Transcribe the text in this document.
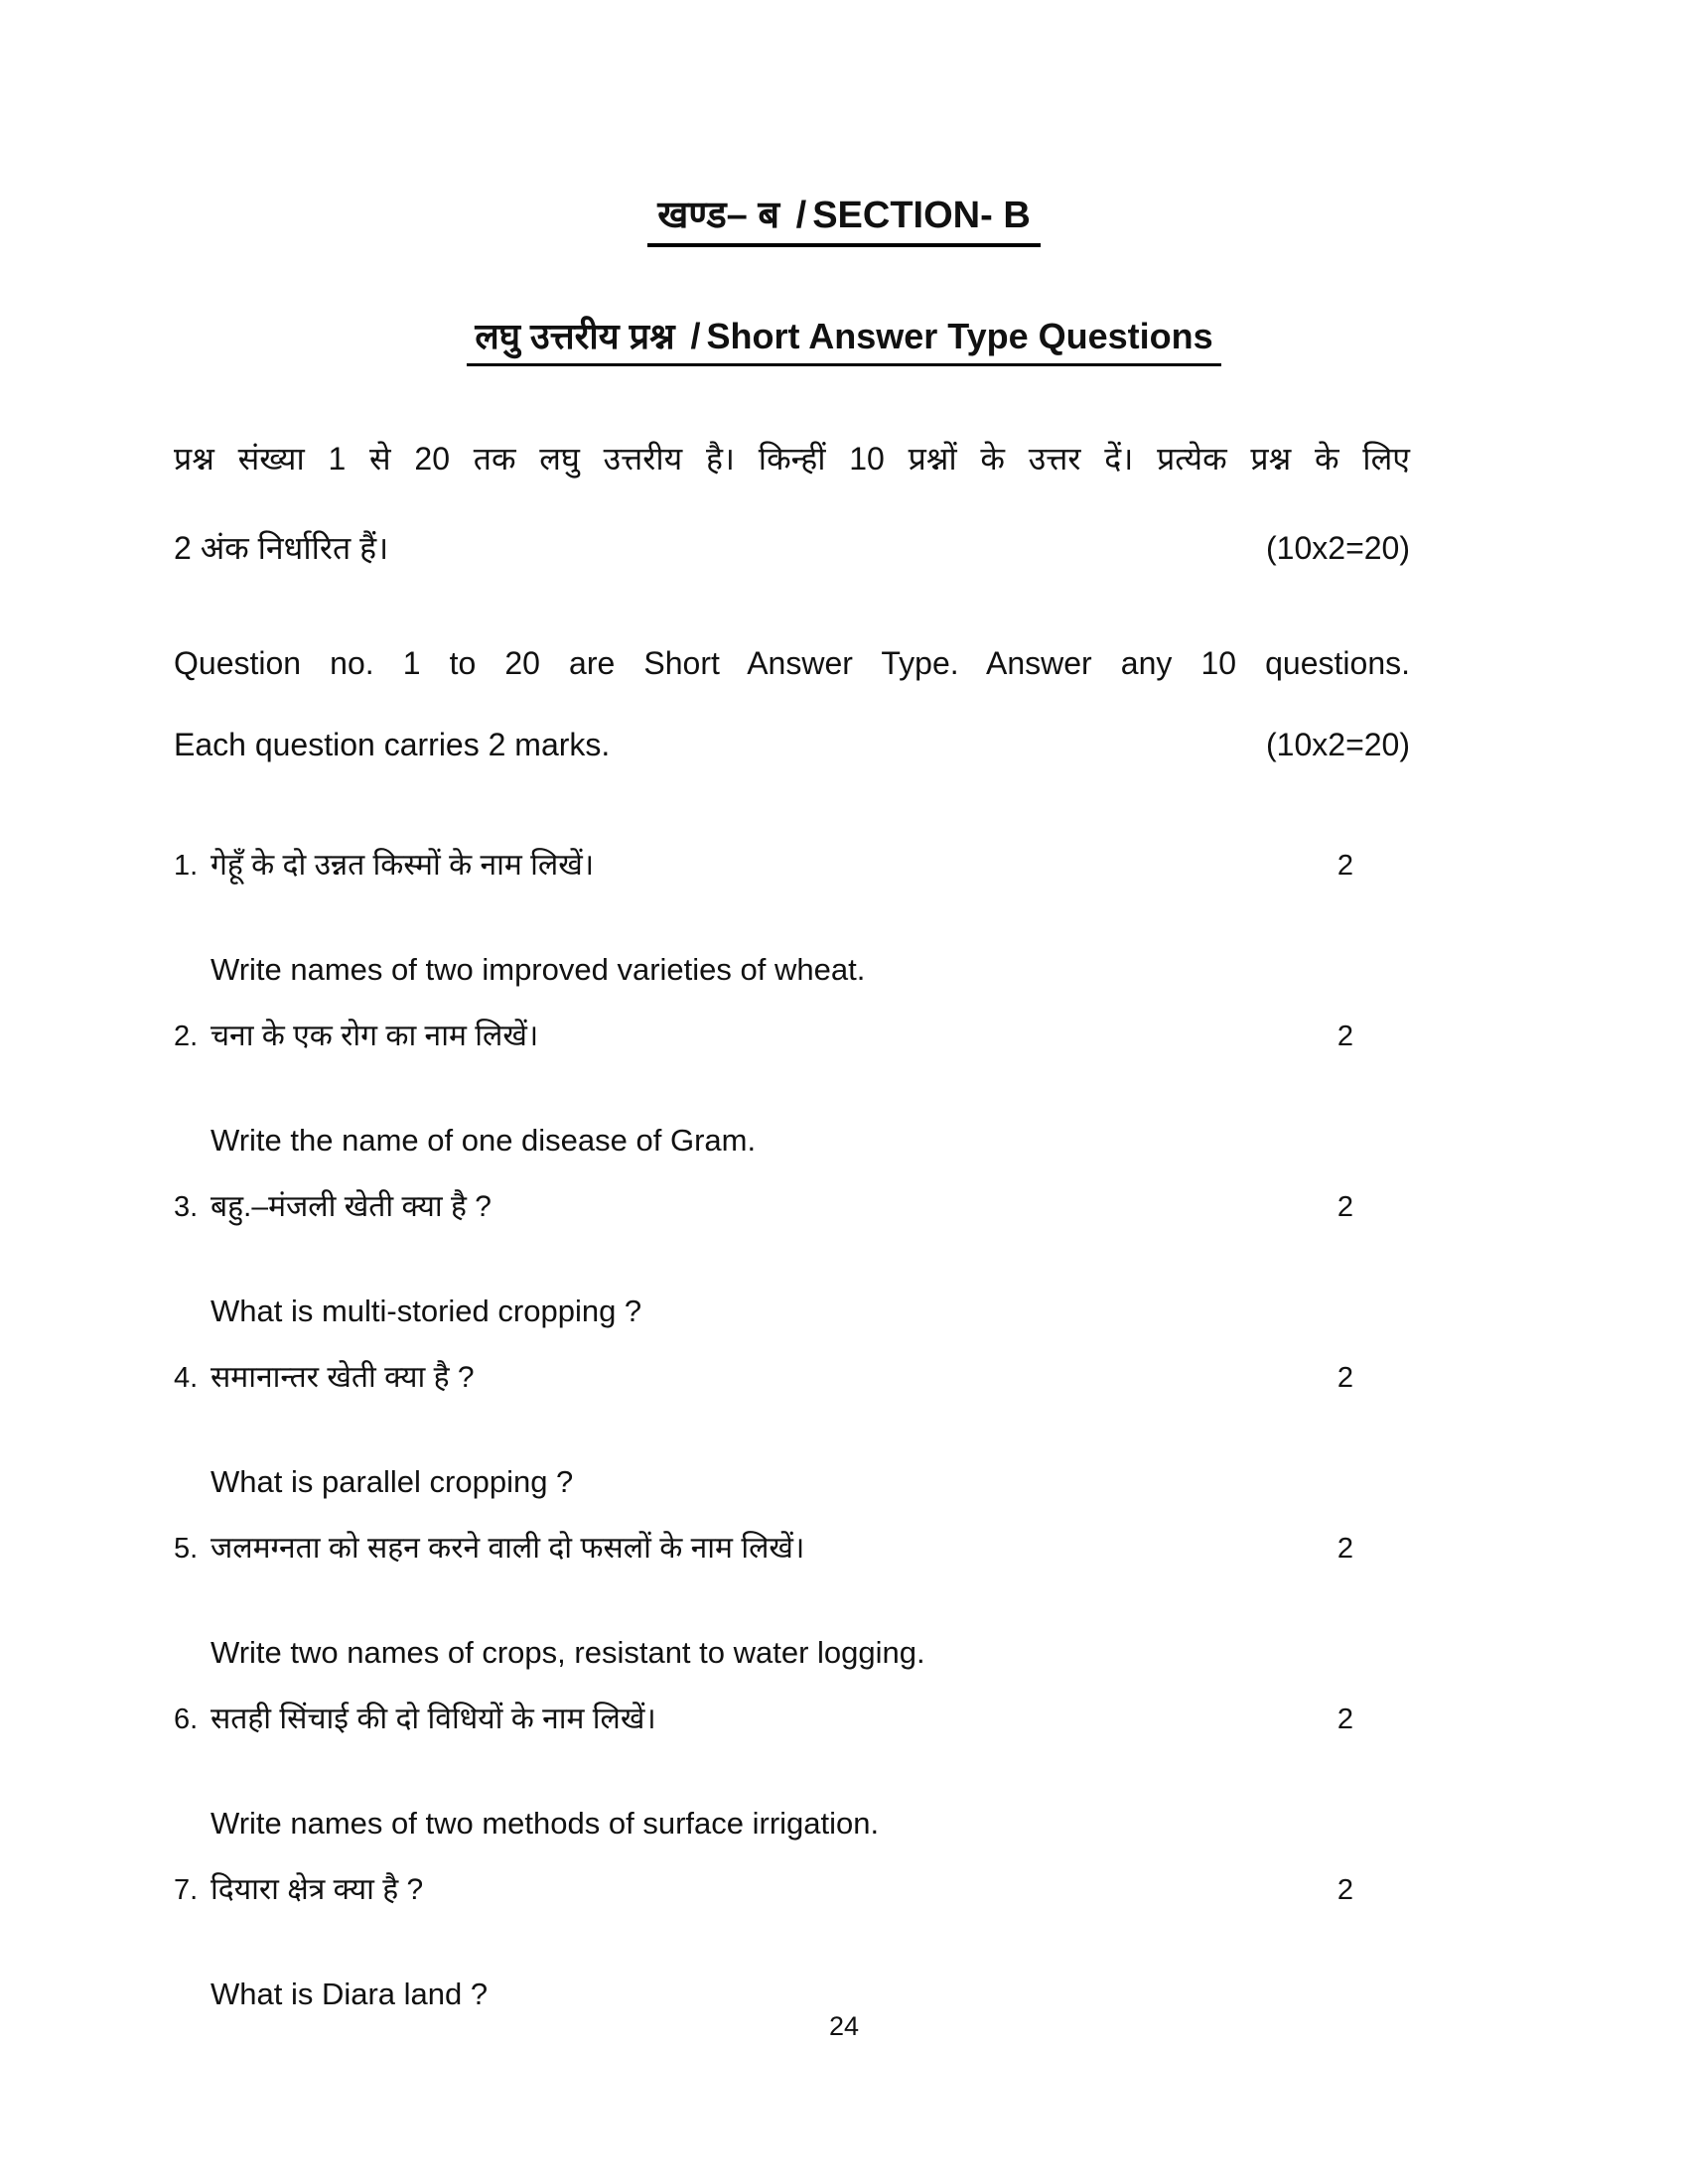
खण्ड– ब / SECTION- B
लघु उत्तरीय प्रश्न / Short Answer Type Questions
प्रश्न संख्या 1 से 20 तक लघु उत्तरीय है। किन्हीं 10 प्रश्नों के उत्तर दें। प्रत्येक प्रश्न के लिए
2 अंक निर्धारित हैं।	(10x2=20)
Question no. 1 to 20 are Short Answer Type. Answer any 10 questions.
Each question carries 2 marks.	(10x2=20)
1. गेहूँ के दो उन्नत किस्मों के नाम लिखें।	2
Write names of two improved varieties of wheat.
2. चना के एक रोग का नाम लिखें।	2
Write the name of one disease of Gram.
3. बहु.–मंजली खेती क्या है ?	2
What is multi-storied cropping ?
4. समानान्तर खेती क्या है ?	2
What is parallel cropping ?
5. जलमग्नता को सहन करने वाली दो फसलों के नाम लिखें।	2
Write two names of crops, resistant to water logging.
6. सतही सिंचाई की दो विधियों के नाम लिखें।	2
Write names of two methods of surface irrigation.
7. दियारा क्षेत्र क्या है ?	2
What is Diara land ?
24
